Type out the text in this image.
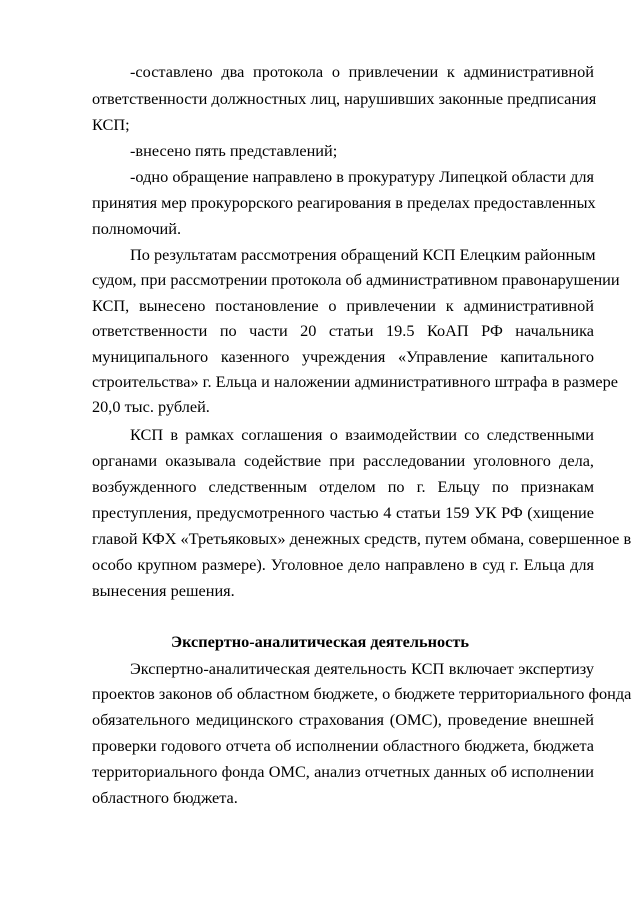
-составлено два протокола о привлечении к административной
ответственности должностных лиц, нарушивших законные предписания
КСП;
-внесено пять представлений;
-одно обращение направлено в прокуратуру Липецкой области для
принятия мер прокурорского реагирования в пределах предоставленных
полномочий.
По результатам рассмотрения обращений КСП Елецким районным
судом, при рассмотрении протокола об административном правонарушении
КСП, вынесено постановление о привлечении к административной
ответственности по части 20 статьи 19.5 КоАП РФ начальника
муниципального казенного учреждения «Управление капитального
строительства» г. Ельца и наложении административного штрафа в размере
20,0 тыс. рублей.
КСП в рамках соглашения о взаимодействии со следственными
органами оказывала содействие при расследовании уголовного дела,
возбужденного следственным отделом по г. Ельцу по признакам
преступления, предусмотренного частью 4 статьи 159 УК РФ (хищение
главой КФХ «Третьяковых» денежных средств, путем обмана, совершенное в
особо крупном размере). Уголовное дело направлено в суд г. Ельца для
вынесения решения.
Экспертно-аналитическая деятельность
Экспертно-аналитическая деятельность КСП включает экспертизу
проектов законов об областном бюджете, о бюджете территориального фонда
обязательного медицинского страхования (ОМС), проведение внешней
проверки годового отчета об исполнении областного бюджета, бюджета
территориального фонда ОМС, анализ отчетных данных об исполнении
областного бюджета.
